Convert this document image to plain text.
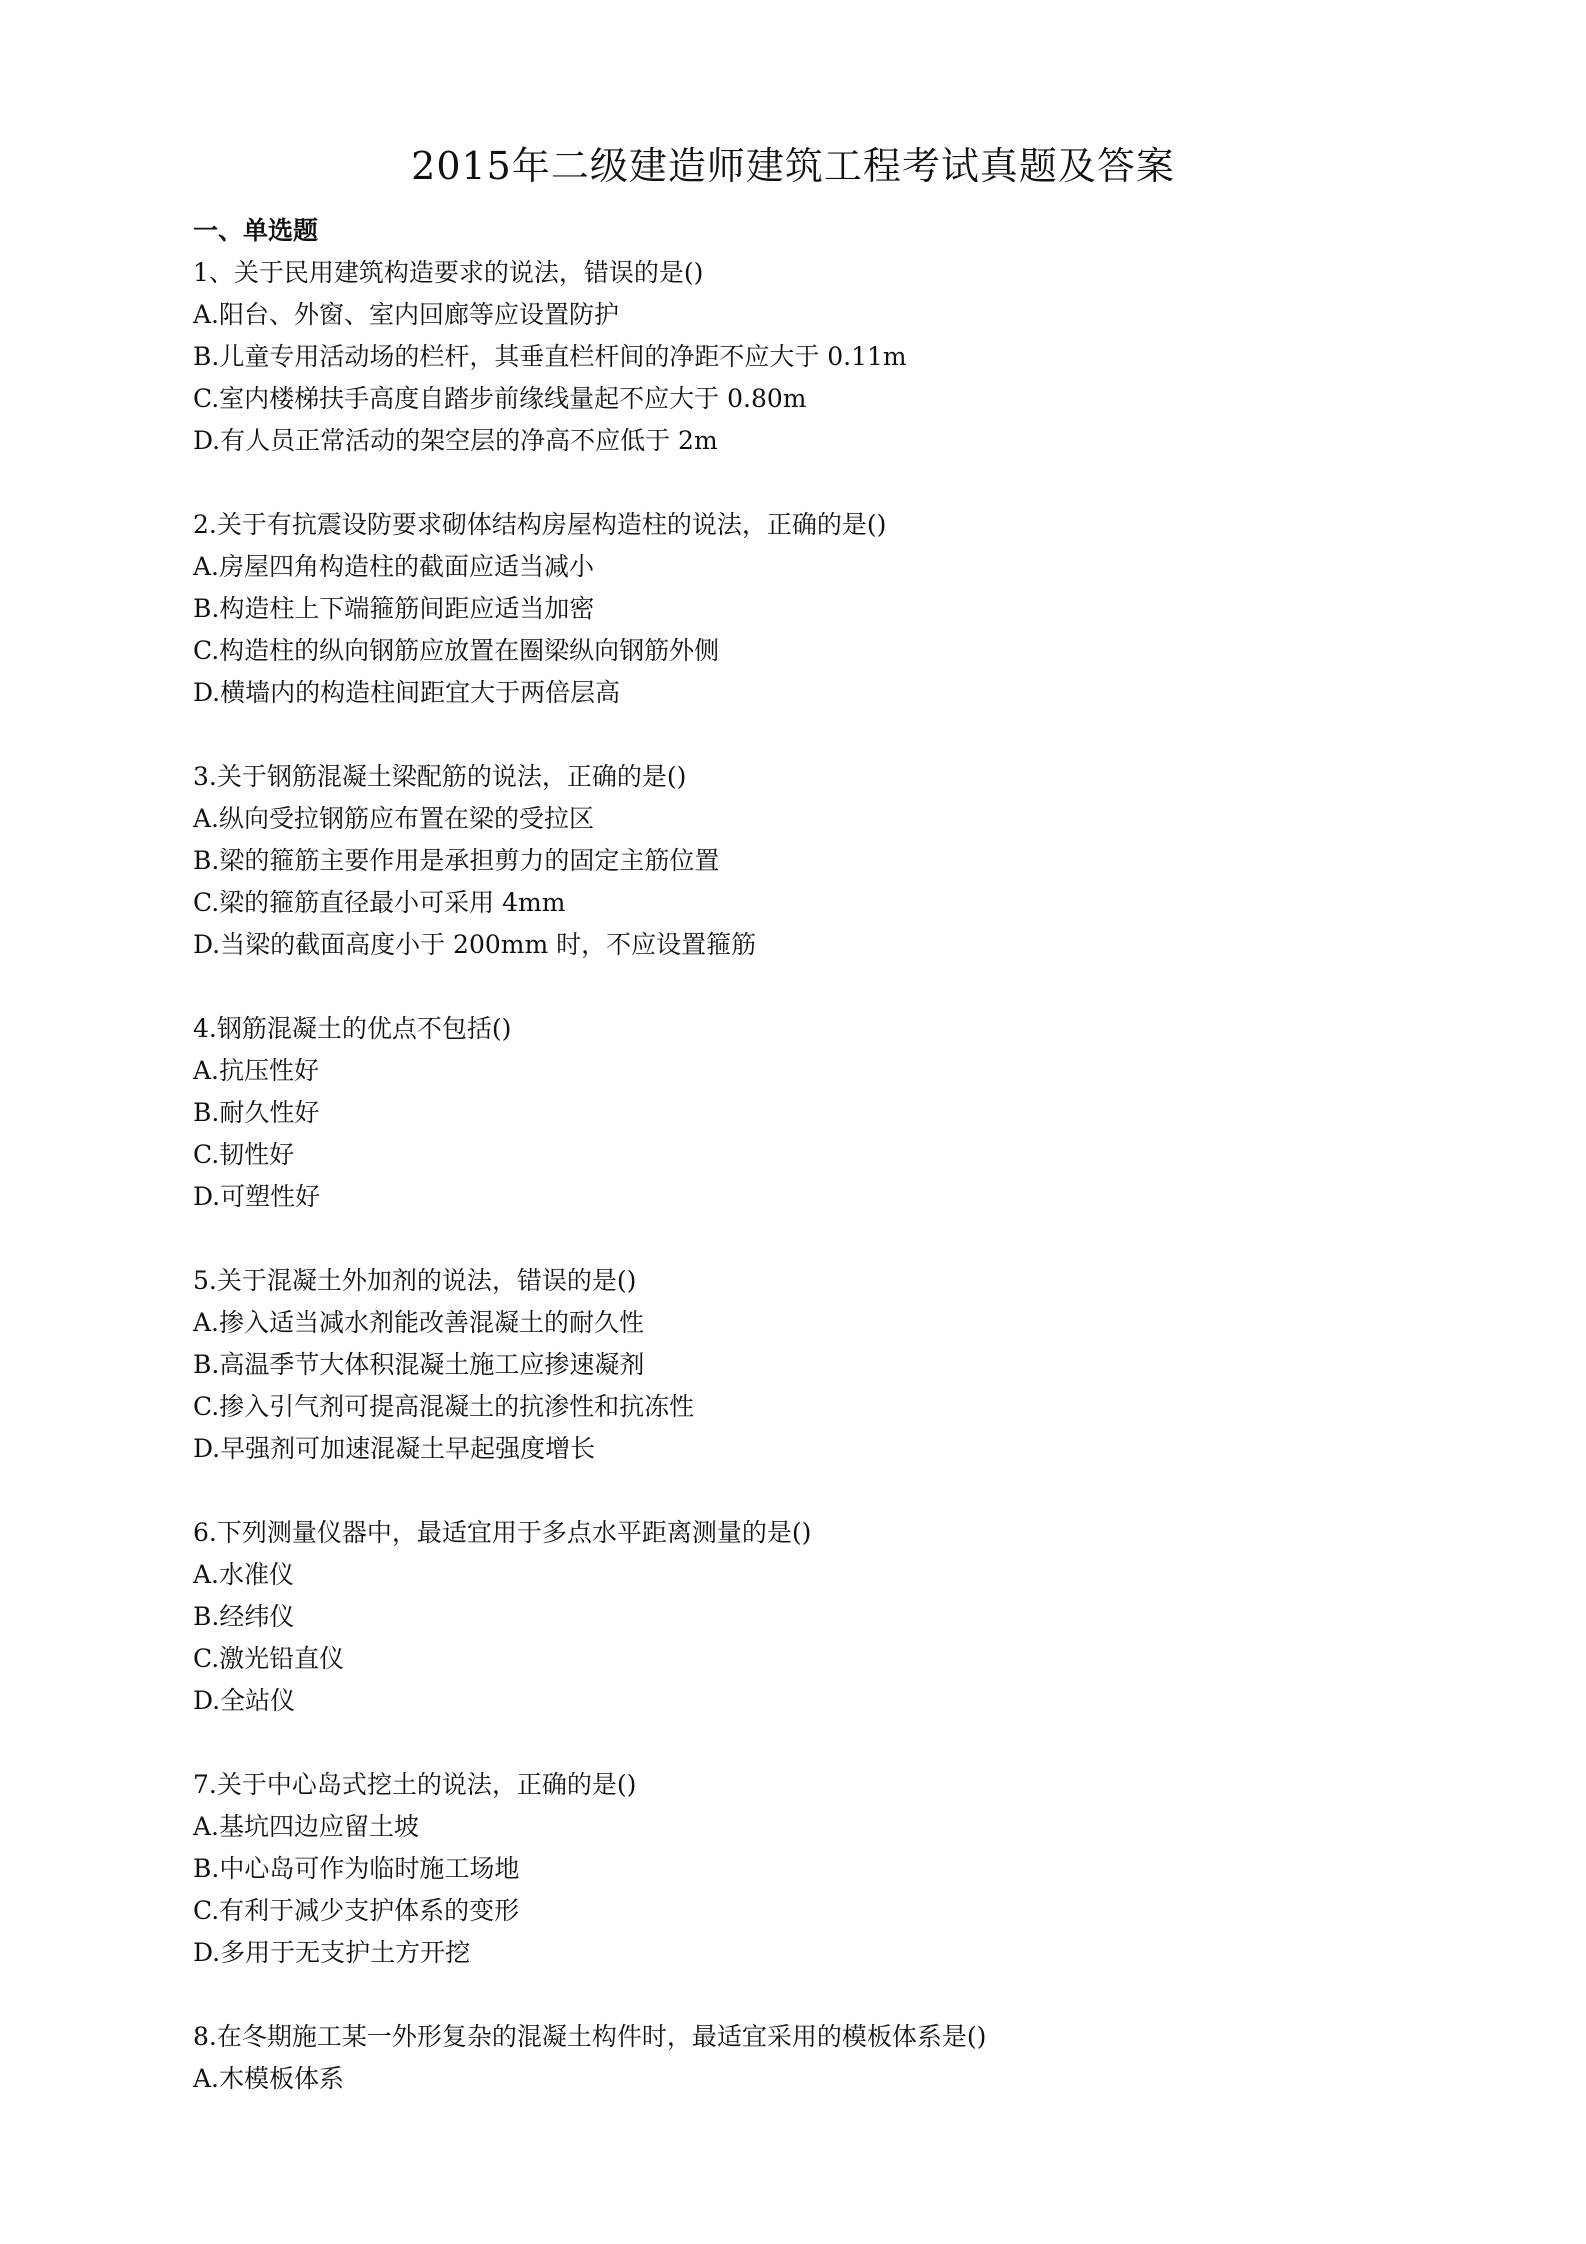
2015年二级建造师建筑工程考试真题及答案
一、单选题
1、关于民用建筑构造要求的说法，错误的是()
A.阳台、外窗、室内回廊等应设置防护
B.儿童专用活动场的栏杆，其垂直栏杆间的净距不应大于 0.11m
C.室内楼梯扶手高度自踏步前缘线量起不应大于 0.80m
D.有人员正常活动的架空层的净高不应低于 2m
2.关于有抗震设防要求砌体结构房屋构造柱的说法，正确的是()
A.房屋四角构造柱的截面应适当减小
B.构造柱上下端箍筋间距应适当加密
C.构造柱的纵向钢筋应放置在圈梁纵向钢筋外侧
D.横墙内的构造柱间距宜大于两倍层高
3.关于钢筋混凝土梁配筋的说法，正确的是()
A.纵向受拉钢筋应布置在梁的受拉区
B.梁的箍筋主要作用是承担剪力的固定主筋位置
C.梁的箍筋直径最小可采用 4mm
D.当梁的截面高度小于 200mm 时，不应设置箍筋
4.钢筋混凝土的优点不包括()
A.抗压性好
B.耐久性好
C.韧性好
D.可塑性好
5.关于混凝土外加剂的说法，错误的是()
A.掺入适当减水剂能改善混凝土的耐久性
B.高温季节大体积混凝土施工应掺速凝剂
C.掺入引气剂可提高混凝土的抗渗性和抗冻性
D.早强剂可加速混凝土早起强度增长
6.下列测量仪器中，最适宜用于多点水平距离测量的是()
A.水准仪
B.经纬仪
C.激光铅直仪
D.全站仪
7.关于中心岛式挖土的说法，正确的是()
A.基坑四边应留土坡
B.中心岛可作为临时施工场地
C.有利于减少支护体系的变形
D.多用于无支护土方开挖
8.在冬期施工某一外形复杂的混凝土构件时，最适宜采用的模板体系是()
A.木模板体系
